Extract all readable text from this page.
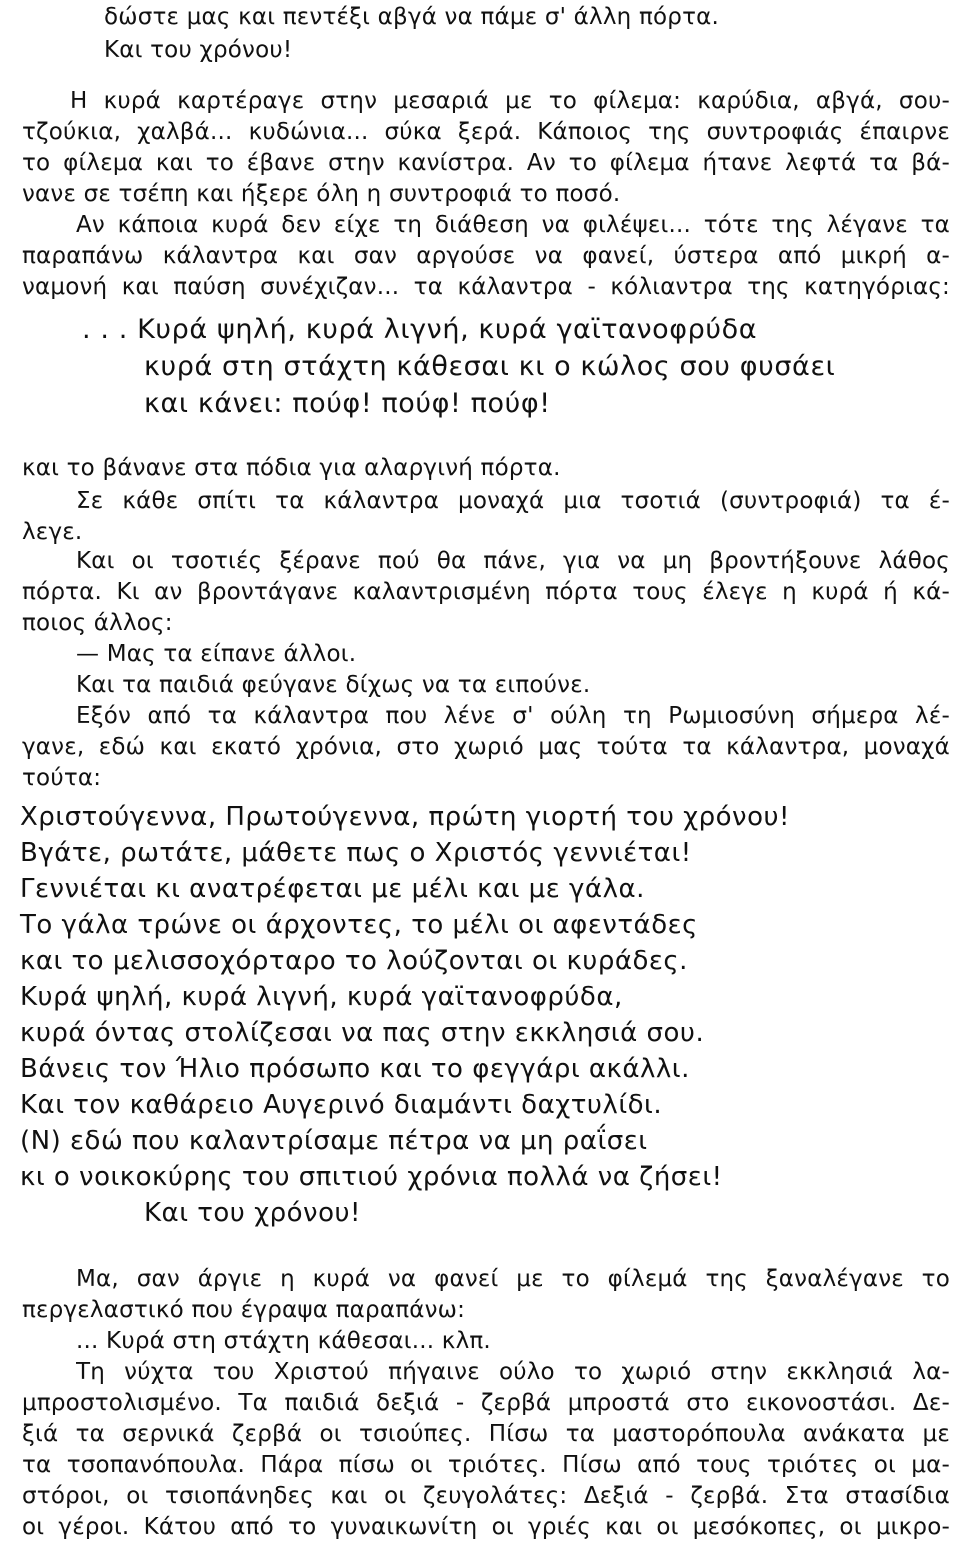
δώστε μας και πεντέξι αβγά να πάμε σ' άλλη πόρτα.
Και του χρόνου!
Η κυρά καρτέραγε στην μεσαριά με το φίλεμα: καρύδια, αβγά, σου-
τζούκια, χαλβά... κυδώνια... σύκα ξερά. Κάποιος της συντροφιάς έπαιρνε
το φίλεμα και το έβανε στην κανίστρα. Αν το φίλεμα ήτανε λεφτά τα βά-
νανε σε τσέπη και ήξερε όλη η συντροφιά το ποσό.
Αν κάποια κυρά δεν είχε τη διάθεση να φιλέψει... τότε της λέγανε τα
παραπάνω κάλαντρα και σαν αργούσε να φανεί, ύστερα από μικρή α-
ναμονή και παύση συνέχιζαν... τα κάλαντρα - κόλιαντρα της κατηγόριας:
. . . Κυρά ψηλή, κυρά λιγνή, κυρά γαϊτανοφρύδα
κυρά στη στάχτη κάθεσαι κι ο κώλος σου φυσάει
και κάνει: πούφ! πούφ! πούφ!
και το βάνανε στα πόδια για αλαργινή πόρτα.
Σε κάθε σπίτι τα κάλαντρα μοναχά μια τσοτιά (συντροφιά) τα έ-
λεγε.
Και οι τσοτιές ξέρανε πού θα πάνε, για να μη βροντήξουνε λάθος
πόρτα. Κι αν βροντάγανε καλαντρισμένη πόρτα τους έλεγε η κυρά ή κά-
ποιος άλλος:
— Μας τα είπανε άλλοι.
Και τα παιδιά φεύγανε δίχως να τα ειπούνε.
Εξόν από τα κάλαντρα που λένε σ' ούλη τη Ρωμιοσύνη σήμερα λέ-
γανε, εδώ και εκατό χρόνια, στο χωριό μας τούτα τα κάλαντρα, μοναχά
τούτα:
Χριστούγεννα, Πρωτούγεννα, πρώτη γιορτή του χρόνου!
Βγάτε, ρωτάτε, μάθετε πως ο Χριστός γεννιέται!
Γεννιέται κι ανατρέφεται με μέλι και με γάλα.
Το γάλα τρώνε οι άρχοντες, το μέλι οι αφεντάδες
και το μελισσοχόρταρο το λούζονται οι κυράδες.
Κυρά ψηλή, κυρά λιγνή, κυρά γαϊτανοφρύδα,
κυρά όντας στολίζεσαι να πας στην εκκλησιά σου.
Βάνεις τον Ήλιο πρόσωπο και το φεγγάρι ακάλλι.
Και τον καθάρειο Αυγερινό διαμάντι δαχτυλίδι.
(Ν) εδώ που καλαντρίσαμε πέτρα να μη ραΐσει
κι ο νοικοκύρης του σπιτιού χρόνια πολλά να ζήσει!
Και του χρόνου!
Μα, σαν άργιε η κυρά να φανεί με το φίλεμά της ξαναλέγανε το
περγελαστικό που έγραψα παραπάνω:
... Κυρά στη στάχτη κάθεσαι... κλπ.
Τη νύχτα του Χριστού πήγαινε ούλο το χωριό στην εκκλησιά λα-
μπροστολισμένο. Τα παιδιά δεξιά - ζερβά μπροστά στο εικονοστάσι. Δε-
ξιά τα σερνικά ζερβά οι τσιούπες. Πίσω τα μαστορόπουλα ανάκατα με
τα τσοπανόπουλα. Πάρα πίσω οι τριότες. Πίσω από τους τριότες οι μα-
στόροι, οι τσιοπάνηδες και οι ζευγολάτες: Δεξιά - ζερβά. Στα στασίδια
οι γέροι. Κάτου από το γυναικωνίτη οι γριές και οι μεσόκοπες, οι μικρο-
